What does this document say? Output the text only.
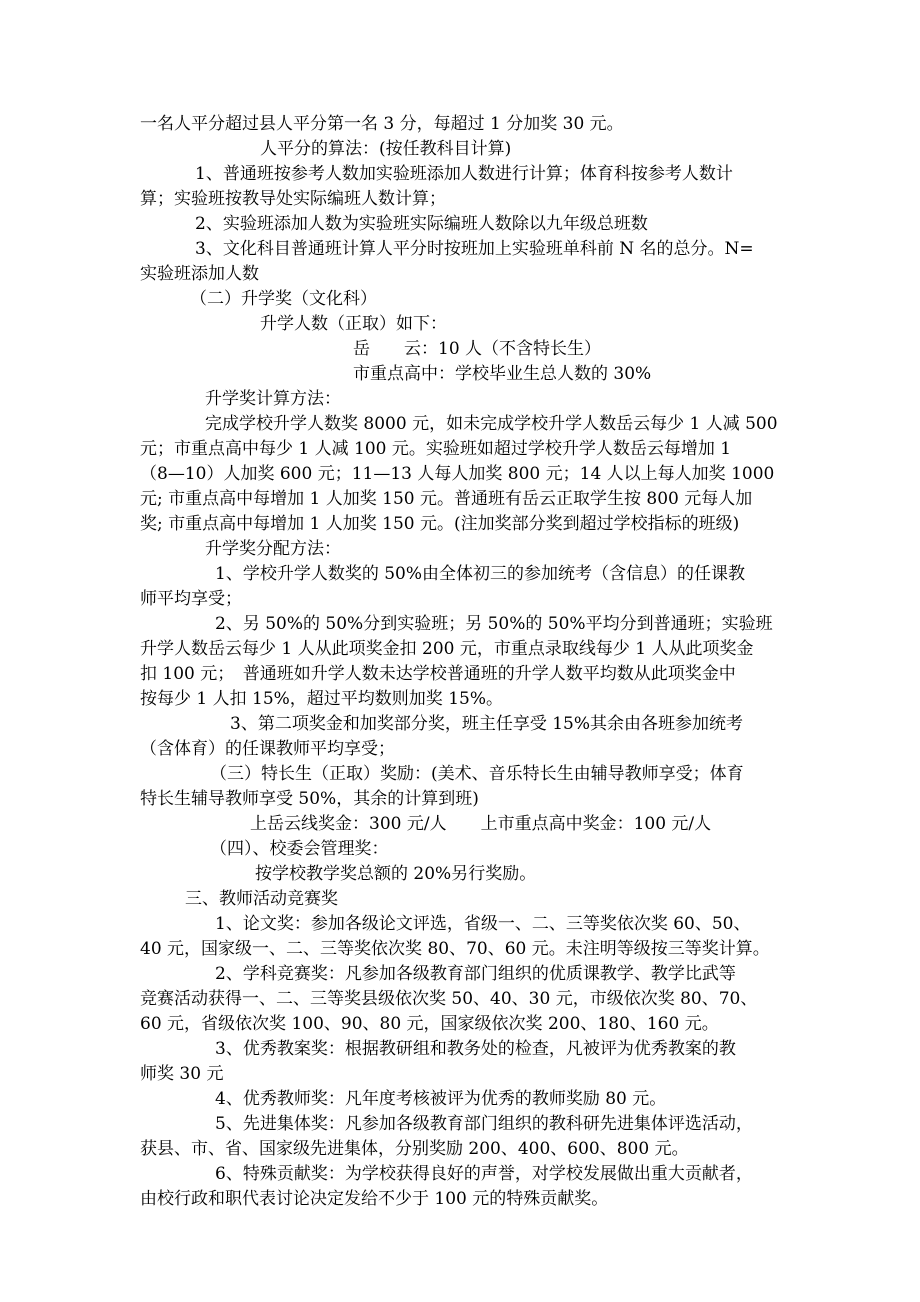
一名人平分超过县人平分第一名 3 分，每超过 1 分加奖 30 元。
人平分的算法：(按任教科目计算)
1、普通班按参考人数加实验班添加人数进行计算；体育科按参考人数计
算；实验班按教导处实际编班人数计算；
2、实验班添加人数为实验班实际编班人数除以九年级总班数
3、文化科目普通班计算人平分时按班加上实验班单科前 N 名的总分。N=
实验班添加人数
（二）升学奖（文化科）
升学人数（正取）如下：
岳　　云：10 人（不含特长生）
市重点高中：学校毕业生总人数的 30%
升学奖计算方法：
完成学校升学人数奖 8000 元，如未完成学校升学人数岳云每少 1 人减 500
元；市重点高中每少 1 人减 100 元。实验班如超过学校升学人数岳云每增加 1
（8—10）人加奖 600 元；11—13 人每人加奖 800 元；14 人以上每人加奖 1000
元; 市重点高中每增加 1 人加奖 150 元。普通班有岳云正取学生按 800 元每人加
奖; 市重点高中每增加 1 人加奖 150 元。(注加奖部分奖到超过学校指标的班级)
升学奖分配方法：
1、学校升学人数奖的 50%由全体初三的参加统考（含信息）的任课教
师平均享受；
2、另 50%的 50%分到实验班；另 50%的 50%平均分到普通班；实验班
升学人数岳云每少 1 人从此项奖金扣 200 元，市重点录取线每少 1 人从此项奖金
扣 100 元；　普通班如升学人数未达学校普通班的升学人数平均数从此项奖金中
按每少 1 人扣 15%，超过平均数则加奖 15%。
3、第二项奖金和加奖部分奖，班主任享受 15%其余由各班参加统考
（含体育）的任课教师平均享受；
（三）特长生（正取）奖励：(美术、音乐特长生由辅导教师享受；体育
特长生辅导教师享受 50%，其余的计算到班)
上岳云线奖金：300 元/人　　上市重点高中奖金：100 元/人
（四）、校委会管理奖：
按学校教学奖总额的 20%另行奖励。
三、教师活动竞赛奖
1、论文奖：参加各级论文评选，省级一、二、三等奖依次奖 60、50、
40 元，国家级一、二、三等奖依次奖 80、70、60 元。未注明等级按三等奖计算。
2、学科竞赛奖：凡参加各级教育部门组织的优质课教学、教学比武等
竞赛活动获得一、二、三等奖县级依次奖 50、40、30 元，市级依次奖 80、70、
60 元，省级依次奖 100、90、80 元，国家级依次奖 200、180、160 元。
3、优秀教案奖：根据教研组和教务处的检查，凡被评为优秀教案的教
师奖 30 元
4、优秀教师奖：凡年度考核被评为优秀的教师奖励 80 元。
5、先进集体奖：凡参加各级教育部门组织的教科研先进集体评选活动，
获县、市、省、国家级先进集体，分别奖励 200、400、600、800 元。
6、特殊贡献奖：为学校获得良好的声誉，对学校发展做出重大贡献者，
由校行政和职代表讨论决定发给不少于 100 元的特殊贡献奖。
